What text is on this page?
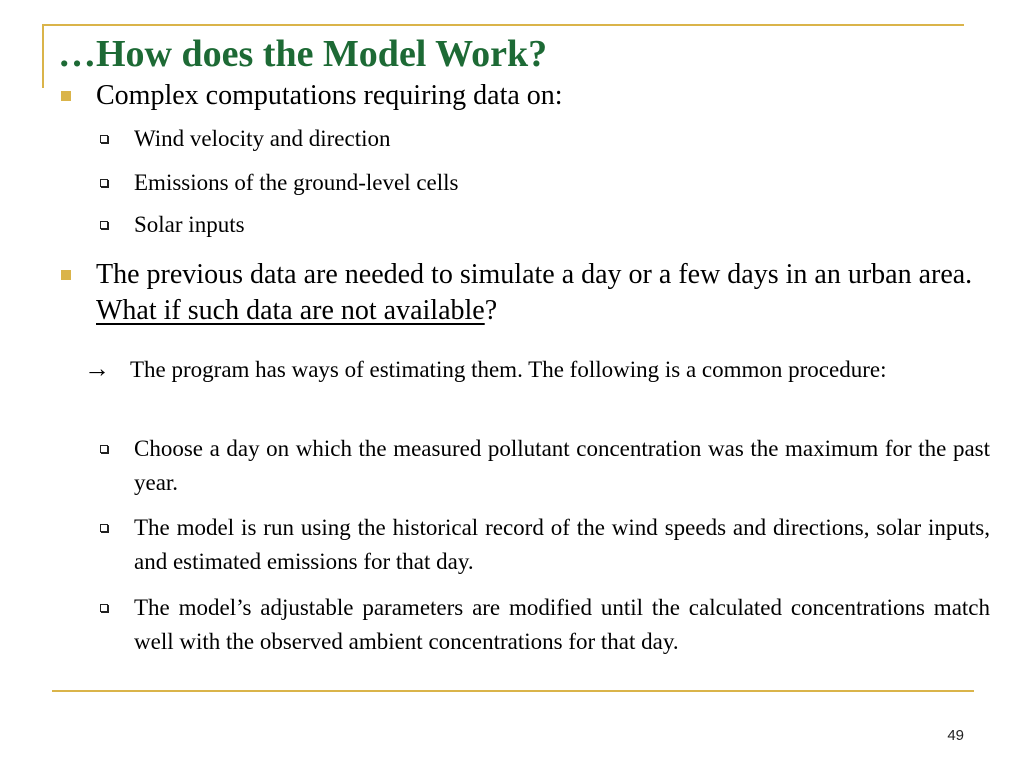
…How does the Model Work?
Complex computations requiring data on:
Wind velocity and direction
Emissions of the ground-level cells
Solar inputs
The previous data are needed to simulate a day or a few days in an urban area. What if such data are not available?
→ The program has ways of estimating them. The following is a common procedure:
Choose a day on which the measured pollutant concentration was the maximum for the past year.
The model is run using the historical record of the wind speeds and directions, solar inputs, and estimated emissions for that day.
The model’s adjustable parameters are modified until the calculated concentrations match well with the observed ambient concentrations for that day.
49
